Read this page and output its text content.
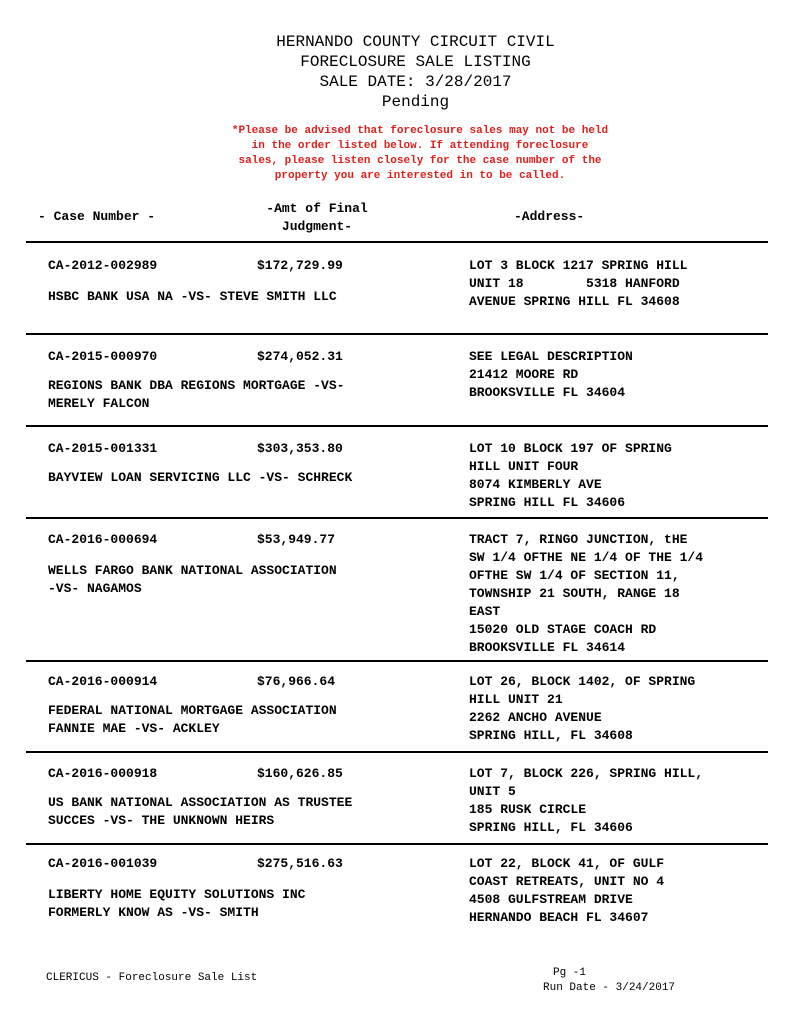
HERNANDO COUNTY CIRCUIT CIVIL
FORECLOSURE SALE LISTING
SALE DATE: 3/28/2017
Pending
*Please be advised that foreclosure sales may not be held
in the order listed below. If attending foreclosure
sales, please listen closely for the case number of the
property you are interested in to be called.
- Case Number -
-Amt of Final
Judgment-
-Address-
CA-2012-002989	$172,729.99
HSBC BANK USA NA -VS- STEVE SMITH LLC
LOT 3 BLOCK 1217 SPRING HILL
UNIT 18        5318 HANFORD
AVENUE SPRING HILL FL 34608
CA-2015-000970	$274,052.31
REGIONS BANK DBA REGIONS MORTGAGE -VS-
MERELY FALCON
SEE LEGAL DESCRIPTION
21412 MOORE RD
BROOKSVILLE FL 34604
CA-2015-001331	$303,353.80
BAYVIEW LOAN SERVICING LLC -VS- SCHRECK
LOT 10 BLOCK 197 OF SPRING
HILL UNIT FOUR
8074 KIMBERLY AVE
SPRING HILL FL 34606
CA-2016-000694	$53,949.77
WELLS FARGO BANK NATIONAL ASSOCIATION
-VS- NAGAMOS
TRACT 7, RINGO JUNCTION, tHE
SW 1/4 OFTHE NE 1/4 OF THE 1/4
OFTHE SW 1/4 OF SECTION 11,
TOWNSHIP 21 SOUTH, RANGE 18
EAST
15020 OLD STAGE COACH RD
BROOKSVILLE FL 34614
CA-2016-000914	$76,966.64
FEDERAL NATIONAL MORTGAGE ASSOCIATION
FANNIE MAE -VS- ACKLEY
LOT 26, BLOCK 1402, OF SPRING
HILL UNIT 21
2262 ANCHO AVENUE
SPRING HILL, FL 34608
CA-2016-000918	$160,626.85
US BANK NATIONAL ASSOCIATION AS TRUSTEE
SUCCES -VS- THE UNKNOWN HEIRS
LOT 7, BLOCK 226, SPRING HILL,
UNIT 5
185 RUSK CIRCLE
SPRING HILL, FL 34606
CA-2016-001039	$275,516.63
LIBERTY HOME EQUITY SOLUTIONS INC
FORMERLY KNOW AS -VS- SMITH
LOT 22, BLOCK 41, OF GULF
COAST RETREATS, UNIT NO 4
4508 GULFSTREAM DRIVE
HERNANDO BEACH FL 34607
CLERICUS - Foreclosure Sale List	Pg -1
Run Date - 3/24/2017
